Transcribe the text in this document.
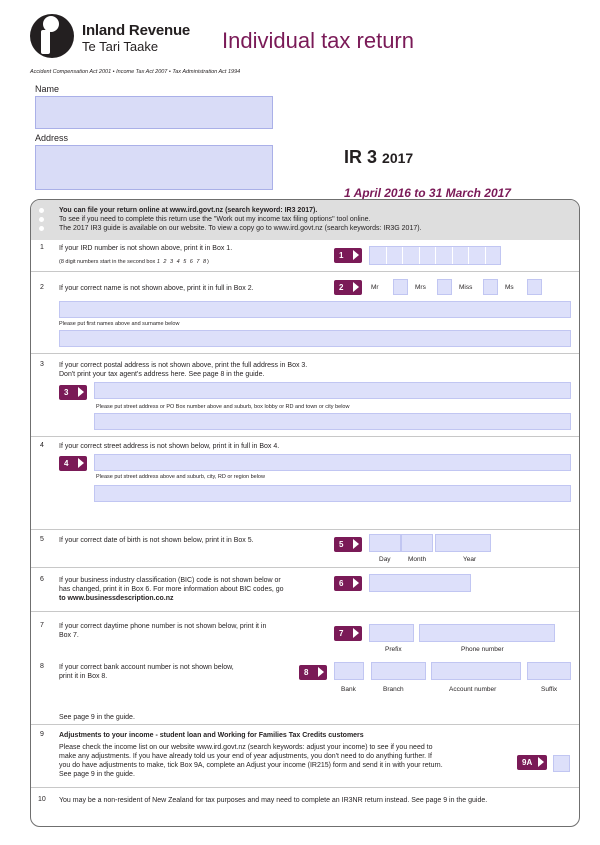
Inland Revenue
Te Tari Taake	Individual tax return
Accident Compensation Act 2001 • Income Tax Act 2007 • Tax Administration Act 1994
Name
Address
IR 3 2017
1 April 2016 to 31 March 2017
You can file your return online at www.ird.govt.nz (search keyword: IR3 2017).
To see if you need to complete this return use the "Work out my income tax filing options" tool online.
The 2017 IR3 guide is available on our website. To view a copy go to www.ird.govt.nz (search keywords: IR3G 2017).
1 If your IRD number is not shown above, print it in Box 1.
(8 digit numbers start in the second box 1 2 3 4 5 6 7 8)
1
2 If your correct name is not shown above, print it in full in Box 2.	2	Mr	Mrs	Miss	Ms
Please put first names above and surname below
3 If your correct postal address is not shown above, print the full address in Box 3.
Don't print your tax agent's address here. See page 8 in the guide.
3
Please put street address or PO Box number above and suburb, box lobby or RD and town or city below
4 If your correct street address is not shown below, print it in full in Box 4.
4
Please put street address above and suburb, city, RD or region below
5 If your correct date of birth is not shown below, print it in Box 5.	5
Day	Month	Year
6 If your business industry classification (BIC) code is not shown below or
has changed, print it in Box 6. For more information about BIC codes, go
to www.businessdescription.co.nz
6
7 If your correct daytime phone number is not shown below, print it in
Box 7.	7
Prefix	Phone number
8 If your correct bank account number is not shown below,
print it in Box 8.	8
Bank	Branch	Account number	Suffix
See page 9 in the guide.
9 Adjustments to your income - student loan and Working for Families Tax Credits customers
Please check the income list on our website www.ird.govt.nz (search keywords: adjust your income) to see if you need to
make any adjustments. If you have already told us your end of year adjustments, you don't need to do anything further. If
you do have adjustments to make, tick Box 9A, complete an Adjust your income (IR215) form and send it in with your return.
See page 9 in the guide.
9A
10 You may be a non-resident of New Zealand for tax purposes and may need to complete an IR3NR return instead. See page 9 in the guide.
